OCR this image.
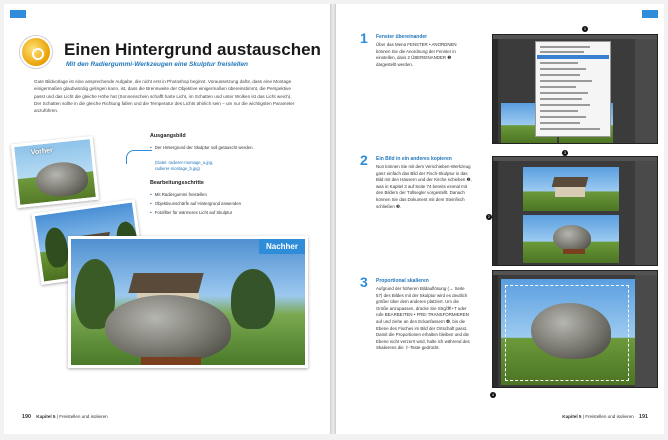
Einen Hintergrund austauschen
Mit den Radiergummi-Werkzeugen eine Skulptur freistellen

Gute Bildvorlage ist eine ansprechende Aufgabe, die nicht erst in Photoshop beginnt. Voraussetzung dafür, dass eine Montage einigermaßen glaubwürdig gelingen kann, ist, dass die Brennweite der Objektive einigermaßen übereinstimmt, die Perspektive passt und das Licht die gleiche Höhe hat (Sonnenschein schafft harte Licht, im Schatten und unter Wolken ist das Licht weich). Der Schatten sollte in die gleiche Richtung fallen und die Temperatur des Lichts ähnlich sein – um nur die wichtigsten Parameter anzuführen.

Ausgangsbild
▪ Der Hintergrund der Skulptur soll getauscht werden.
(Datei: radierer-montage_a.jpg,
radierer-montage_b.jpg)
Bearbeitungsschritte
▪ Mit Radiergummi freistellen
▪ Objektivunschärfe auf Hintergrund anwenden
▪ Fotofilter für wärmeres Licht auf Skulptur
Vorher
Nachher
190 Kapitel 5 | Freistellen und isolieren
1 Fenster übereinander

Über das Menü FENSTER • ANORDNEN können Sie die Anordnung der Fenster in einstellen, dass 2 ÜBEREINANDER ❶ dargestellt werden.

1
2 Ein Bild in ein anderes kopieren

Nun können Sie mit dem Verschieben-Werkzeug ganz einfach das Bild der Fisch-Skulptur in das Bild mit den Häusern und der Kirche schieben ❷, was in Kapitel 3 auf Seite 74 bereits einmal mit den Bildern der Tüllsegler vorgestellt. Danach können Sie das Dokument mit dem Steinfisch schließen ❸.

2
3
3 Proportional skalieren

Aufgrund der höheren Bildauflösung (→ Seite 57) des Bildes mit der Skulptur wird es deutlich größer über dem anderen platziert. Um die Größe anzupassen, drücke Sie Strg/⌘+T oder rufe BEARBEITEN • FREI TRANSFORMIEREN auf und ziehe an den Eckanfassern ❹, bis die Ebene des Fisches im Bild der Ortschaft passt. Damit die Proportionen erhalten bleiben und die Ebene nicht verzerrt wird, halte ich während des Skalierens die ⇧-Taste gedrückt.

4
Kapitel 5 | Freistellen und isolieren 191
